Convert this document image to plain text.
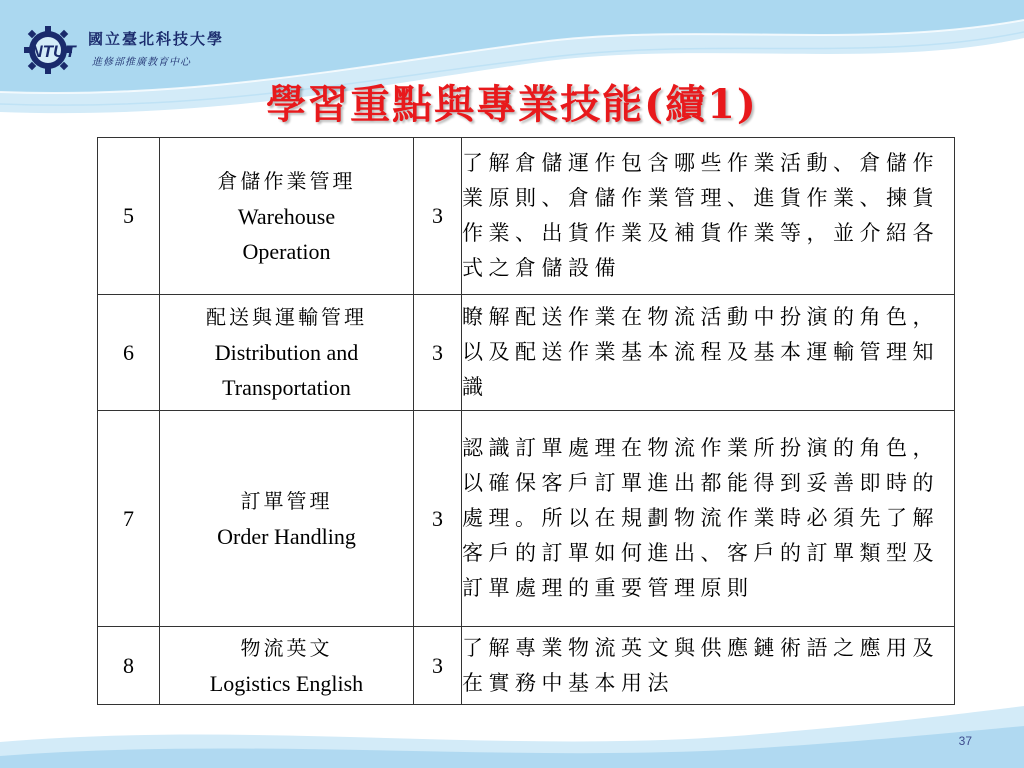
NTUT
國立臺北科技大學
進修部推廣教育中心
學習重點與專業技能(續1)
5	倉儲作業管理
Warehouse
Operation	3	了解倉儲運作包含哪些作業活動、倉儲作業原則、倉儲作業管理、進貨作業、揀貨作業、出貨作業及補貨作業等，並介紹各式之倉儲設備
6	配送與運輸管理
Distribution and
Transportation	3	瞭解配送作業在物流活動中扮演的角色，以及配送作業基本流程及基本運輸管理知識
7	訂單管理
Order Handling	3	認識訂單處理在物流作業所扮演的角色，以確保客戶訂單進出都能得到妥善即時的處理。所以在規劃物流作業時必須先了解客戶的訂單如何進出、客戶的訂單類型及訂單處理的重要管理原則
8	物流英文
Logistics English	3	了解專業物流英文與供應鏈術語之應用及在實務中基本用法
37
